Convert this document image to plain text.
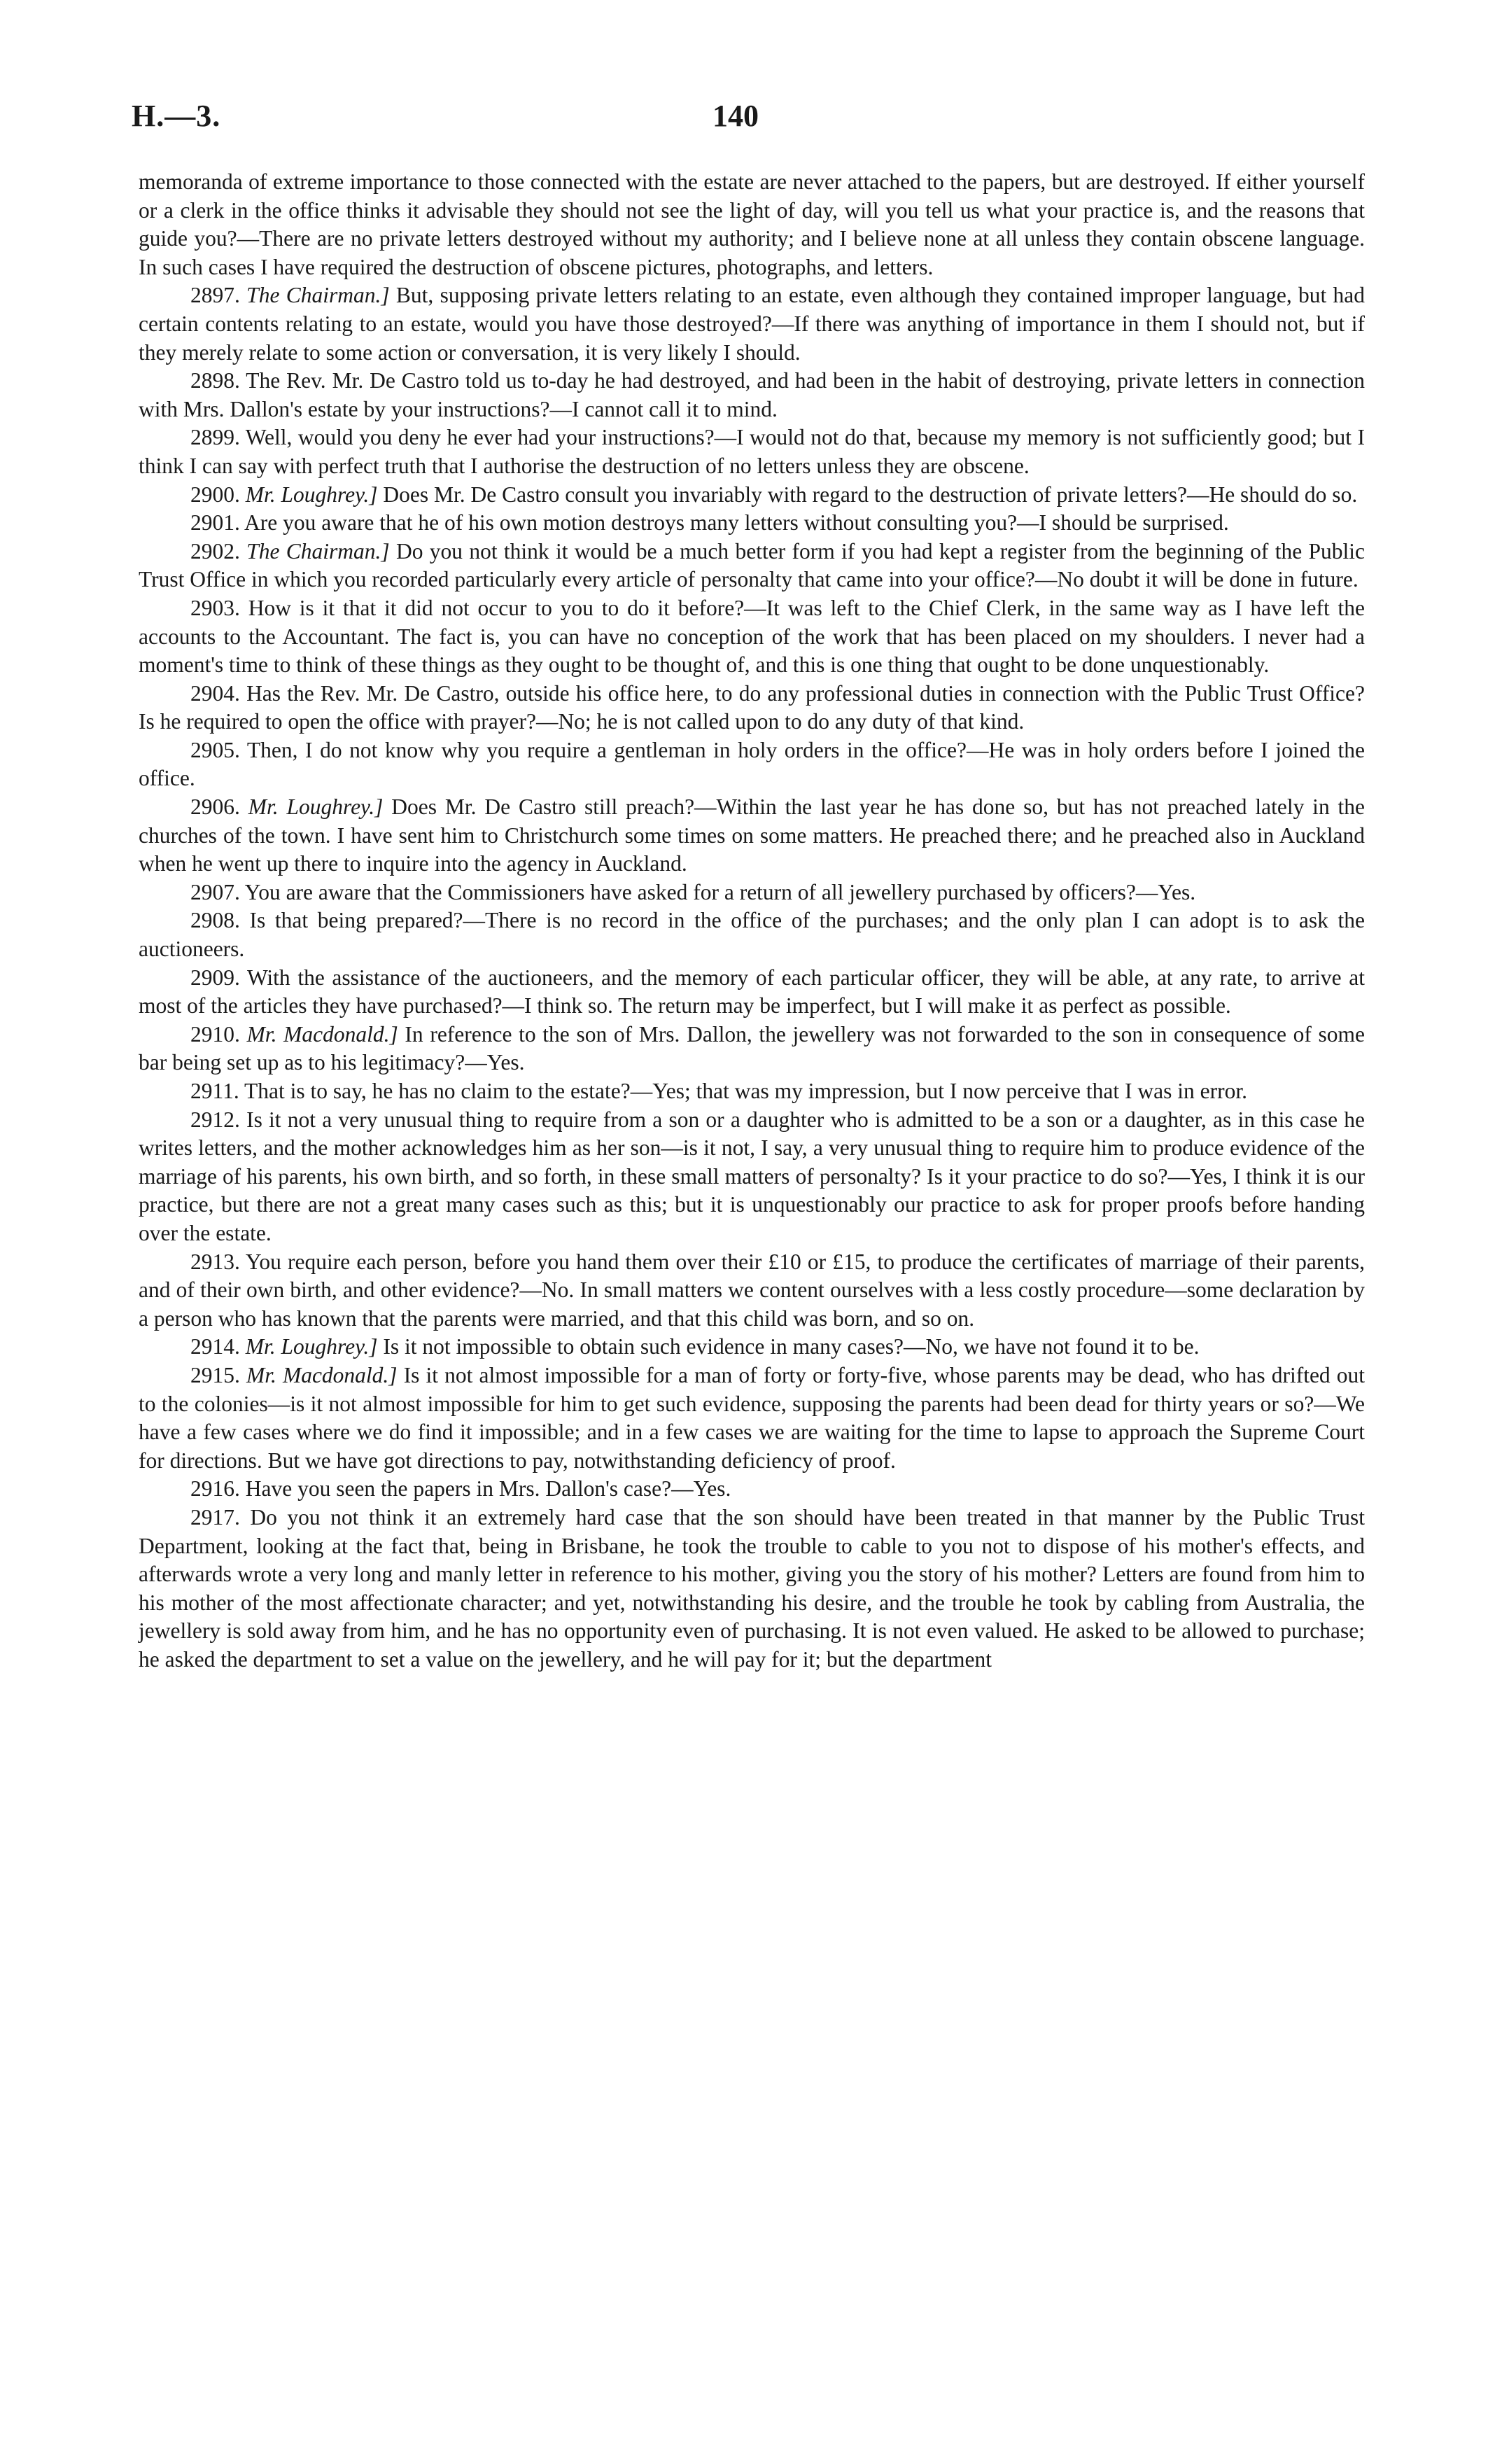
H.—3.	140

memoranda of extreme importance to those connected with the estate are never attached to the papers, but are destroyed. If either yourself or a clerk in the office thinks it advisable they should not see the light of day, will you tell us what your practice is, and the reasons that guide you?—There are no private letters destroyed without my authority; and I believe none at all unless they contain obscene language. In such cases I have required the destruction of obscene pictures, photographs, and letters.

2897. The Chairman.] But, supposing private letters relating to an estate, even although they contained improper language, but had certain contents relating to an estate, would you have those destroyed?—If there was anything of importance in them I should not, but if they merely relate to some action or conversation, it is very likely I should.

2898. The Rev. Mr. De Castro told us to-day he had destroyed, and had been in the habit of destroying, private letters in connection with Mrs. Dallon's estate by your instructions?—I cannot call it to mind.

2899. Well, would you deny he ever had your instructions?—I would not do that, because my memory is not sufficiently good; but I think I can say with perfect truth that I authorise the destruction of no letters unless they are obscene.

2900. Mr. Loughrey.] Does Mr. De Castro consult you invariably with regard to the destruction of private letters?—He should do so.

2901. Are you aware that he of his own motion destroys many letters without consulting you?—I should be surprised.

2902. The Chairman.] Do you not think it would be a much better form if you had kept a register from the beginning of the Public Trust Office in which you recorded particularly every article of personalty that came into your office?—No doubt it will be done in future.

2903. How is it that it did not occur to you to do it before?—It was left to the Chief Clerk, in the same way as I have left the accounts to the Accountant. The fact is, you can have no conception of the work that has been placed on my shoulders. I never had a moment's time to think of these things as they ought to be thought of, and this is one thing that ought to be done unquestionably.

2904. Has the Rev. Mr. De Castro, outside his office here, to do any professional duties in connection with the Public Trust Office? Is he required to open the office with prayer?—No; he is not called upon to do any duty of that kind.

2905. Then, I do not know why you require a gentleman in holy orders in the office?—He was in holy orders before I joined the office.

2906. Mr. Loughrey.] Does Mr. De Castro still preach?—Within the last year he has done so, but has not preached lately in the churches of the town. I have sent him to Christchurch some times on some matters. He preached there; and he preached also in Auckland when he went up there to inquire into the agency in Auckland.

2907. You are aware that the Commissioners have asked for a return of all jewellery purchased by officers?—Yes.

2908. Is that being prepared?—There is no record in the office of the purchases; and the only plan I can adopt is to ask the auctioneers.

2909. With the assistance of the auctioneers, and the memory of each particular officer, they will be able, at any rate, to arrive at most of the articles they have purchased?—I think so. The return may be imperfect, but I will make it as perfect as possible.

2910. Mr. Macdonald.] In reference to the son of Mrs. Dallon, the jewellery was not forwarded to the son in consequence of some bar being set up as to his legitimacy?—Yes.

2911. That is to say, he has no claim to the estate?—Yes; that was my impression, but I now perceive that I was in error.

2912. Is it not a very unusual thing to require from a son or a daughter who is admitted to be a son or a daughter, as in this case he writes letters, and the mother acknowledges him as her son—is it not, I say, a very unusual thing to require him to produce evidence of the marriage of his parents, his own birth, and so forth, in these small matters of personalty? Is it your practice to do so?—Yes, I think it is our practice, but there are not a great many cases such as this; but it is unquestionably our practice to ask for proper proofs before handing over the estate.

2913. You require each person, before you hand them over their £10 or £15, to produce the certificates of marriage of their parents, and of their own birth, and other evidence?—No. In small matters we content ourselves with a less costly procedure—some declaration by a person who has known that the parents were married, and that this child was born, and so on.

2914. Mr. Loughrey.] Is it not impossible to obtain such evidence in many cases?—No, we have not found it to be.

2915. Mr. Macdonald.] Is it not almost impossible for a man of forty or forty-five, whose parents may be dead, who has drifted out to the colonies—is it not almost impossible for him to get such evidence, supposing the parents had been dead for thirty years or so?—We have a few cases where we do find it impossible; and in a few cases we are waiting for the time to lapse to approach the Supreme Court for directions. But we have got directions to pay, notwithstanding deficiency of proof.

2916. Have you seen the papers in Mrs. Dallon's case?—Yes.

2917. Do you not think it an extremely hard case that the son should have been treated in that manner by the Public Trust Department, looking at the fact that, being in Brisbane, he took the trouble to cable to you not to dispose of his mother's effects, and afterwards wrote a very long and manly letter in reference to his mother, giving you the story of his mother? Letters are found from him to his mother of the most affectionate character; and yet, notwithstanding his desire, and the trouble he took by cabling from Australia, the jewellery is sold away from him, and he has no opportunity even of purchasing. It is not even valued. He asked to be allowed to purchase; he asked the department to set a value on the jewellery, and he will pay for it; but the department
